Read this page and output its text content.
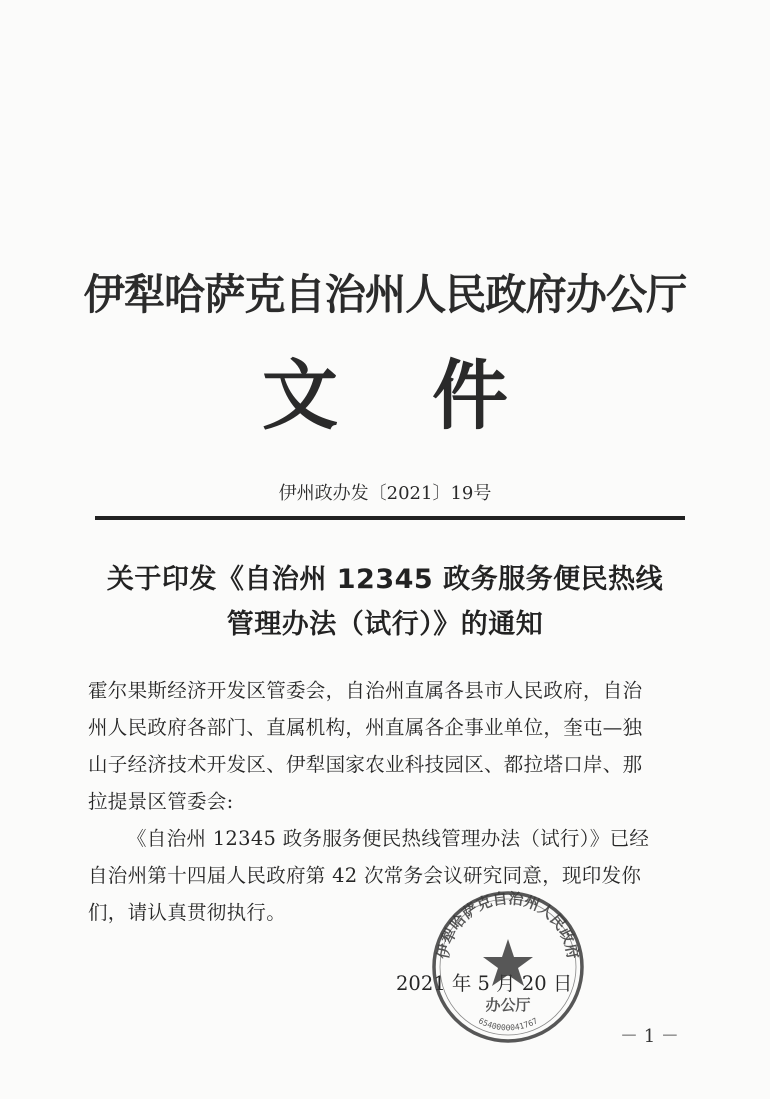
伊犁哈萨克自治州人民政府办公厅
文 件
伊州政办发〔2021〕19号
关于印发《自治州 12345 政务服务便民热线
管理办法（试行）》的通知

霍尔果斯经济开发区管委会，自治州直属各县市人民政府，自治

州人民政府各部门、直属机构，州直属各企事业单位，奎屯—独

山子经济技术开发区、伊犁国家农业科技园区、都拉塔口岸、那

拉提景区管委会:

《自治州 12345 政务服务便民热线管理办法（试行）》已经

自治州第十四届人民政府第 42 次常务会议研究同意，现印发你

们，请认真贯彻执行。

2021 年 5 月 20 日
伊犁哈萨克自治州人民政府
办公厅
6540000041767
－ 1 －
